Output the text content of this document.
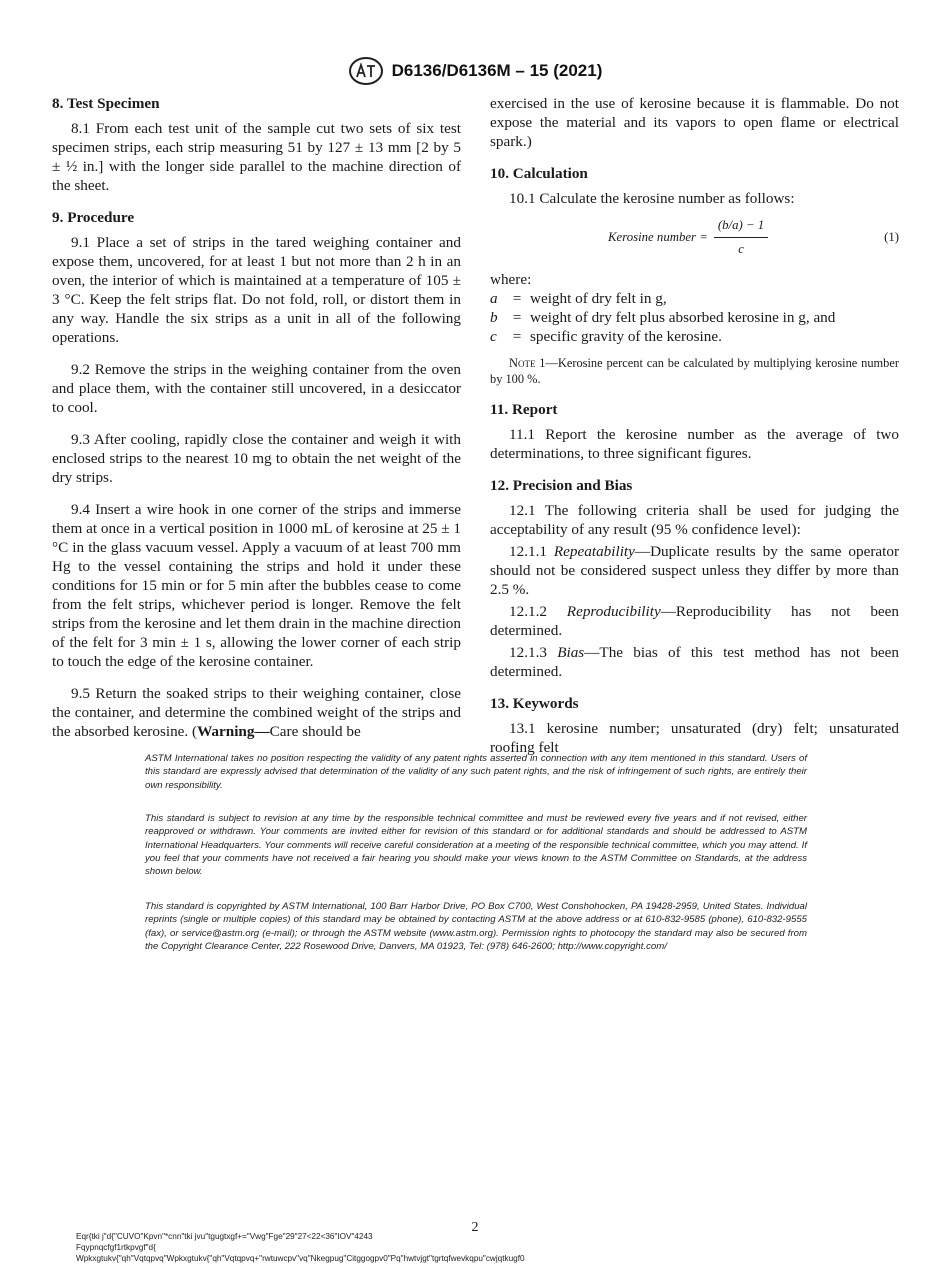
D6136/D6136M – 15 (2021)
8. Test Specimen

8.1 From each test unit of the sample cut two sets of six test specimen strips, each strip measuring 51 by 127 ± 13 mm [2 by 5 ± ½ in.] with the longer side parallel to the machine direction of the sheet.

9. Procedure

9.1 Place a set of strips in the tared weighing container and expose them, uncovered, for at least 1 but not more than 2 h in an oven, the interior of which is maintained at a temperature of 105 ± 3 °C. Keep the felt strips flat. Do not fold, roll, or distort them in any way. Handle the six strips as a unit in all of the following operations.

9.2 Remove the strips in the weighing container from the oven and place them, with the container still uncovered, in a desiccator to cool.

9.3 After cooling, rapidly close the container and weigh it with enclosed strips to the nearest 10 mg to obtain the net weight of the dry strips.

9.4 Insert a wire hook in one corner of the strips and immerse them at once in a vertical position in 1000 mL of kerosine at 25 ± 1 °C in the glass vacuum vessel. Apply a vacuum of at least 700 mm Hg to the vessel containing the strips and hold it under these conditions for 15 min or for 5 min after the bubbles cease to come from the felt strips, whichever period is longer. Remove the felt strips from the kerosine and let them drain in the machine direction of the felt for 3 min ± 1 s, allowing the lower corner of each strip to touch the edge of the kerosine container.

9.5 Return the soaked strips to their weighing container, close the container, and determine the combined weight of the strips and the absorbed kerosine. (Warning—Care should be

exercised in the use of kerosine because it is flammable. Do not expose the material and its vapors to open flame or electrical spark.)

10. Calculation

10.1 Calculate the kerosine number as follows:

Kerosine number = $\frac{(b/a) - 1}{c}$	(1)

where:

a = weight of dry felt in g,
b = weight of dry felt plus absorbed kerosine in g, and
c	= specific gravity of the kerosine.

Note 1—Kerosine percent can be calculated by multiplying kerosine number by 100 %.

11. Report

11.1 Report the kerosine number as the average of two determinations, to three significant figures.

12. Precision and Bias

12.1 The following criteria shall be used for judging the acceptability of any result (95 % confidence level):

12.1.1 Repeatability—Duplicate results by the same operator should not be considered suspect unless they differ by more than 2.5 %.

12.1.2 Reproducibility—Reproducibility has not been determined.

12.1.3 Bias—The bias of this test method has not been determined.

13. Keywords

13.1 kerosine number; unsaturated (dry) felt; unsaturated roofing felt

ASTM International takes no position respecting the validity of any patent rights asserted in connection with any item mentioned in this standard. Users of this standard are expressly advised that determination of the validity of any such patent rights, and the risk of infringement of such rights, are entirely their own responsibility.

This standard is subject to revision at any time by the responsible technical committee and must be reviewed every five years and if not revised, either reapproved or withdrawn. Your comments are invited either for revision of this standard or for additional standards and should be addressed to ASTM International Headquarters. Your comments will receive careful consideration at a meeting of the responsible technical committee, which you may attend. If you feel that your comments have not received a fair hearing you should make your views known to the ASTM Committee on Standards, at the address shown below.

This standard is copyrighted by ASTM International, 100 Barr Harbor Drive, PO Box C700, West Conshohocken, PA 19428-2959, United States. Individual reprints (single or multiple copies) of this standard may be obtained by contacting ASTM at the above address or at 610-832-9585 (phone), 610-832-9555 (fax), or service@astm.org (e-mail); or through the ASTM website (www.astm.org). Permission rights to photocopy the standard may also be secured from the Copyright Clearance Center, 222 Rosewood Drive, Danvers, MA 01923, Tel: (978) 646-2600; http://www.copyright.com/

2
Eqr{tki j"d{"CUVO"Kpvn"*cnn"tki jvu"tgugtxgf+="Vwg"Fge"29"27<22<36"IOV"4243
Fqypnqcfgf1rtkpvgf"d{
Wpkxgtukv{"qh"Vqtqpvq"Wpkxgtukv{"qh"Vqtqpvq+"rwtuwcpv"vq"Nkegpug"Citggogpv0"Pq"hwtvjgt"tgrtqfwevkqpu"cwjqtkugf0
